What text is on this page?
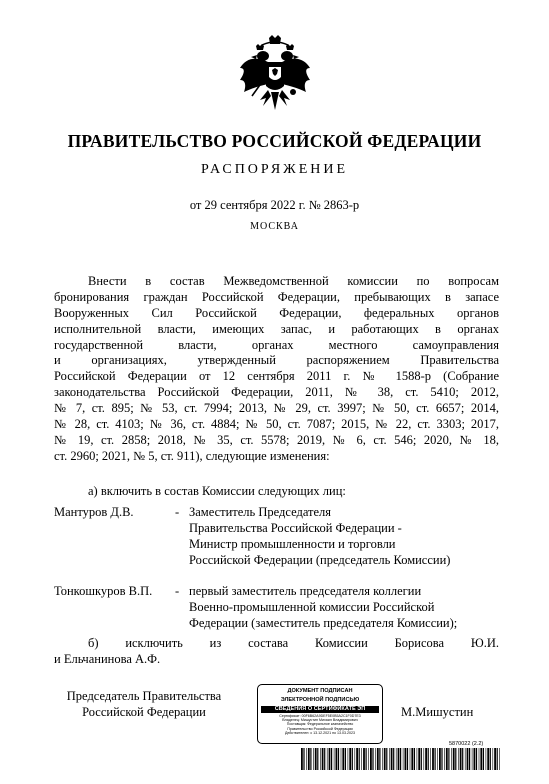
ПРАВИТЕЛЬСТВО РОССИЙСКОЙ ФЕДЕРАЦИИ
РАСПОРЯЖЕНИЕ
от 29 сентября 2022 г. № 2863-р
МОСКВА
Внести в состав Межведомственной комиссии по вопросам
бронирования граждан Российской Федерации, пребывающих в запасе
Вооруженных Сил Российской Федерации, федеральных органов
исполнительной власти, имеющих запас, и работающих в органах
государственной власти, органах местного самоуправления
и организациях, утвержденный распоряжением Правительства
Российской Федерации от 12 сентября 2011 г. № 1588-р (Собрание
законодательства Российской Федерации, 2011, № 38, ст. 5410; 2012,
№ 7, ст. 895; № 53, ст. 7994; 2013, № 29, ст. 3997; № 50, ст. 6657; 2014,
№ 28, ст. 4103; № 36, ст. 4884; № 50, ст. 7087; 2015, № 22, ст. 3303; 2017,
№ 19, ст. 2858; 2018, № 35, ст. 5578; 2019, № 6, ст. 546; 2020, № 18,
ст. 2960; 2021, № 5, ст. 911), следующие изменения:
а) включить в состав Комиссии следующих лиц:
Мантуров Д.В.	- Заместитель Председателя
Правительства Российской Федерации -
Министр промышленности и торговли
Российской Федерации (председатель Комиссии)
Тонкошкуров В.П. - первый заместитель председателя коллегии
Военно-промышленной комиссии Российской
Федерации (заместитель председателя Комиссии);
б) исключить из состава Комиссии Борисова Ю.И.
и Ельчанинова А.Ф.
Председатель Правительства
Российской Федерации
ДОКУМЕНТ ПОДПИСАН
ЭЛЕКТРОННОЙ ПОДПИСЬЮ
СВЕДЕНИЯ О СЕРТИФИКАТЕ ЭП
Сертификат: 00F6B62A9DEF5E0B5A2C1F0D7E3
Владелец: Мишустин Михаил Владимирович
Поставщик: Федеральное казначейство
Правительство Российской Федерации
Действителен: с 13.12.2021 по 13.03.2023
М.Мишустин
5870022 (2.2)
